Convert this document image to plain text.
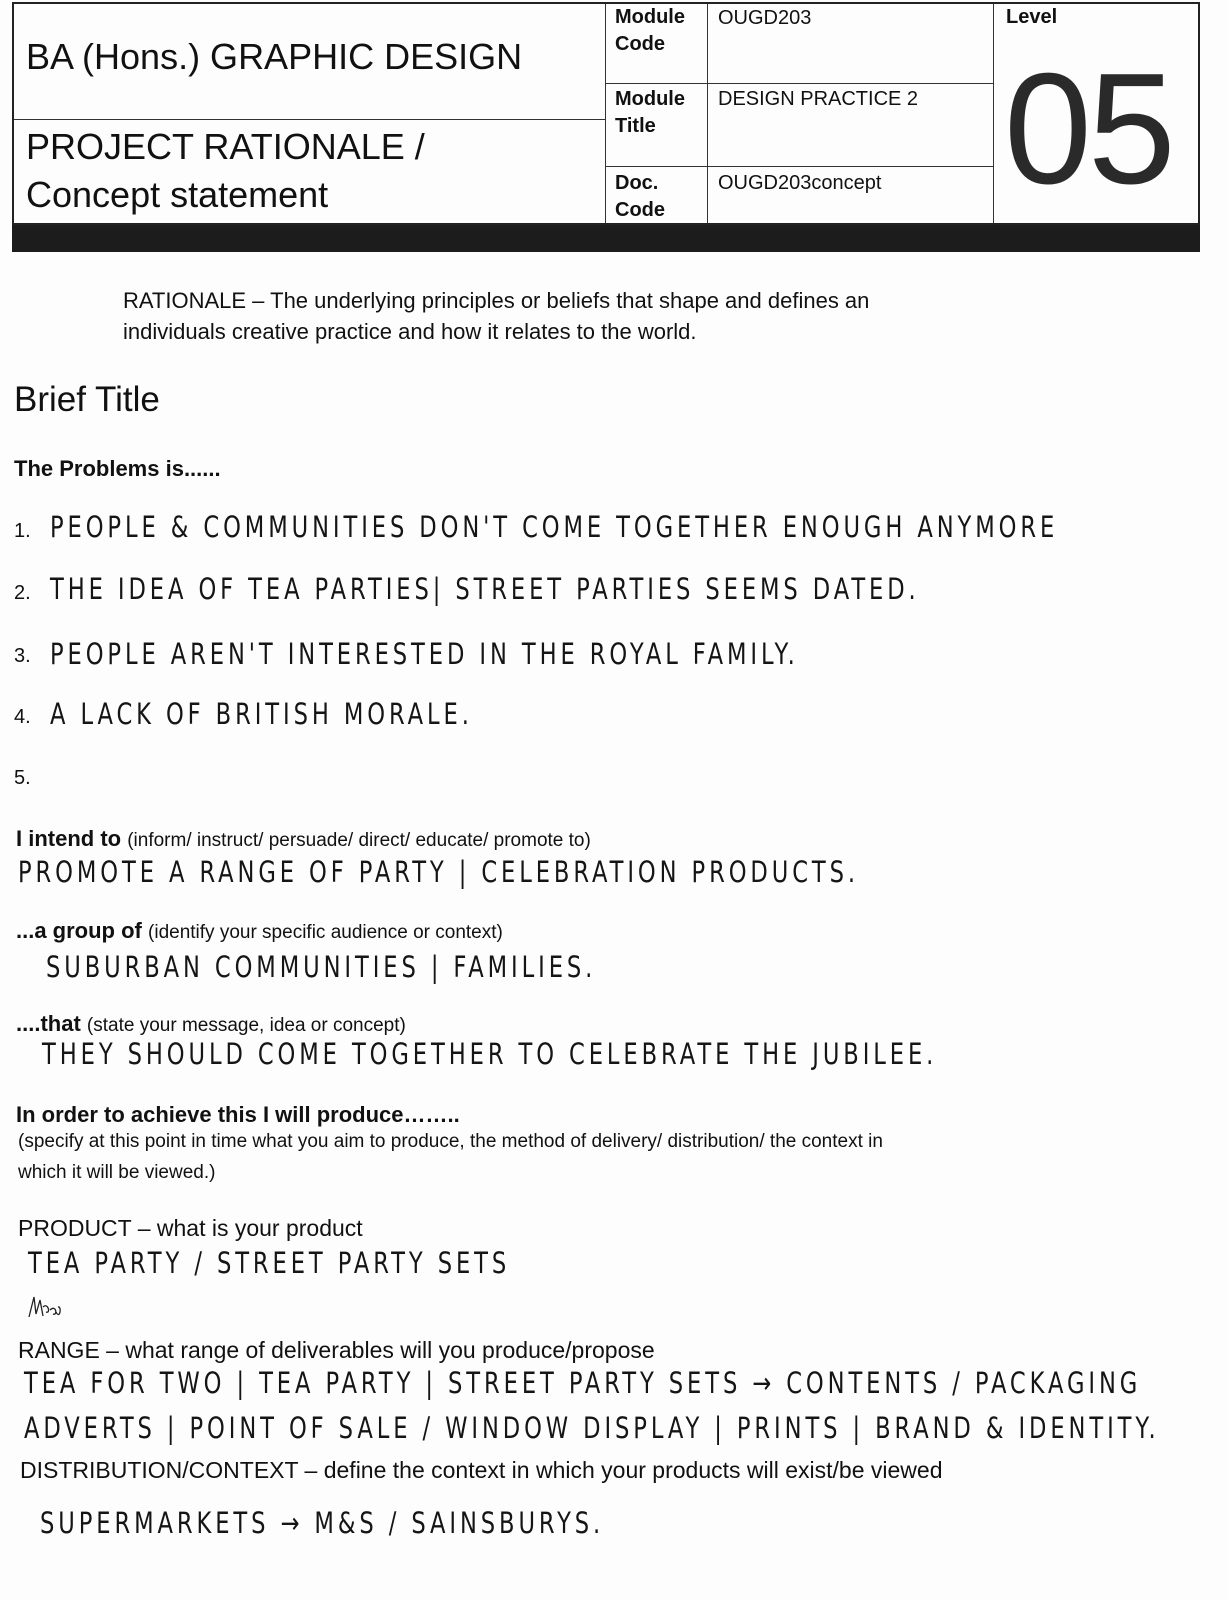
BA (Hons.) GRAPHIC DESIGN
PROJECT RATIONALE /
Concept statement
Module
Code
OUGD203
Module
Title
DESIGN PRACTICE 2
Doc.
Code
OUGD203concept
Level
05
RATIONALE – The underlying principles or beliefs that shape and defines an
individuals creative practice and how it relates to the world.
Brief Title
The Problems is......
1. PEOPLE & COMMUNITIES DON'T COME TOGETHER ENOUGH ANYMORE
2. THE IDEA OF TEA PARTIES| STREET PARTIES SEEMS DATED.
3. PEOPLE AREN'T INTERESTED IN THE ROYAL FAMILY.
4. A LACK OF BRITISH MORALE.
5.
I intend to (inform/ instruct/ persuade/ direct/ educate/ promote to)
PROMOTE A RANGE OF PARTY | CELEBRATION PRODUCTS.
...a group of (identify your specific audience or context)
SUBURBAN COMMUNITIES | FAMILIES.
....that (state your message, idea or concept)
THEY SHOULD COME TOGETHER TO CELEBRATE THE JUBILEE.
In order to achieve this I will produce……..
(specify at this point in time what you aim to produce, the method of delivery/ distribution/ the context in
which it will be viewed.)
PRODUCT – what is your product
TEA PARTY / STREET PARTY SETS
RANGE – what range of deliverables will you produce/propose
TEA FOR TWO | TEA PARTY | STREET PARTY SETS → CONTENTS / PACKAGING
ADVERTS | POINT OF SALE / WINDOW DISPLAY | PRINTS | BRAND & IDENTITY.
DISTRIBUTION/CONTEXT – define the context in which your products will exist/be viewed
SUPERMARKETS → M&S / SAINSBURYS.
